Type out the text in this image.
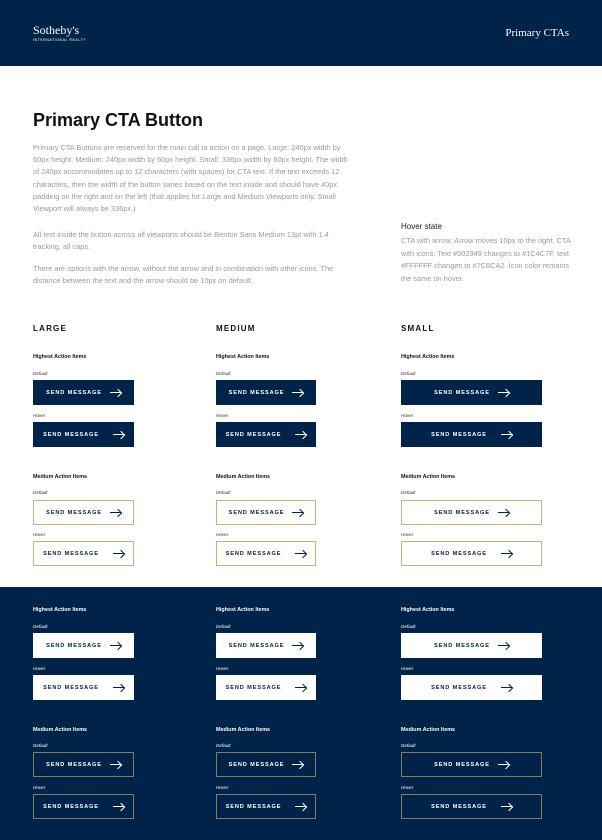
Sotheby's
INTERNATIONAL REALTY
Primary CTAs
Primary CTA Button

Primary CTA Buttons are reserved for the main call to action on a page. Large: 240px width by 60px height. Medium: 240px width by 60px height. Small: 336px width by 60px height. The width of 240px accommodates up to 12 characters (with spaces) for CTA text. If the text exceeds 12 characters, then the width of the button varies based on the text inside and should have 40px padding on the right and on the left (that applies for Large and Medium Viewports only. Small Viewport will always be 336px.)

All text inside the button across all viewports should be Benton Sans Medium 13pt with 1.4 tracking, all caps.

There are options with the arrow, without the arrow and in combination with other icons. The distance between the text and the arrow should be 10px on default.

Hover state

CTA with arrow: Arrow moves 10px to the right. CTA with icons: Text #002349 changes to #1C4C7F, text #FFFFFF changes to #7C8CA2. Icon color remains the same on hover.

LARGE	MEDIUM	SMALL
Highest Action Items	Highest Action Items	Highest Action Items
Default	Default	Default
SEND MESSAGE	SEND MESSAGE	SEND MESSAGE
Hover	Hover	Hover
SEND MESSAGE	SEND MESSAGE	SEND MESSAGE
Medium Action Items	Medium Action Items	Medium Action Items
Default	Default	Default
SEND MESSAGE	SEND MESSAGE	SEND MESSAGE
Hover	Hover	Hover
SEND MESSAGE	SEND MESSAGE	SEND MESSAGE
Highest Action Items	Highest Action Items	Highest Action Items
Default	Default	Default
SEND MESSAGE	SEND MESSAGE	SEND MESSAGE
Hover	Hover	Hover
SEND MESSAGE	SEND MESSAGE	SEND MESSAGE
Medium Action Items	Medium Action Items	Medium Action Items
Default	Default	Default
SEND MESSAGE	SEND MESSAGE	SEND MESSAGE
Hover	Hover	Hover
SEND MESSAGE	SEND MESSAGE	SEND MESSAGE
